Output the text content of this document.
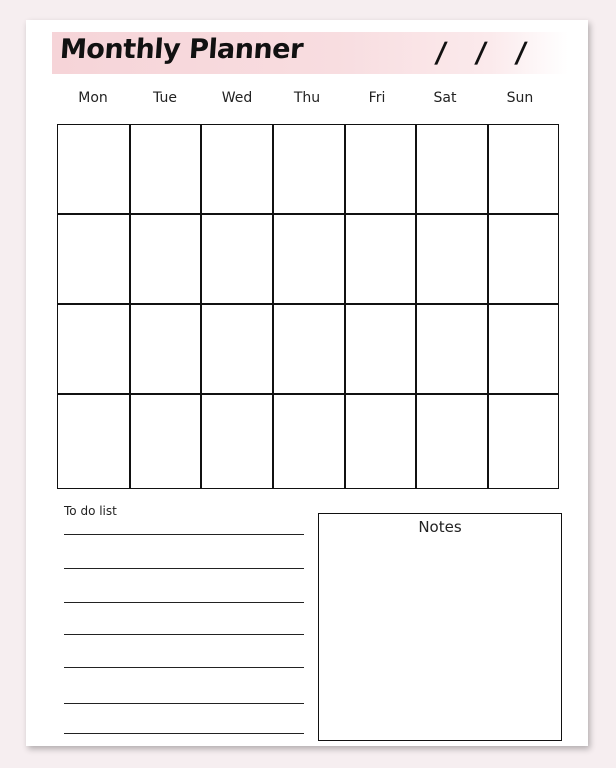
Monthly Planner	/ / /
Mon	Tue	Wed	Thu	Fri	Sat	Sun
To do list
Notes
